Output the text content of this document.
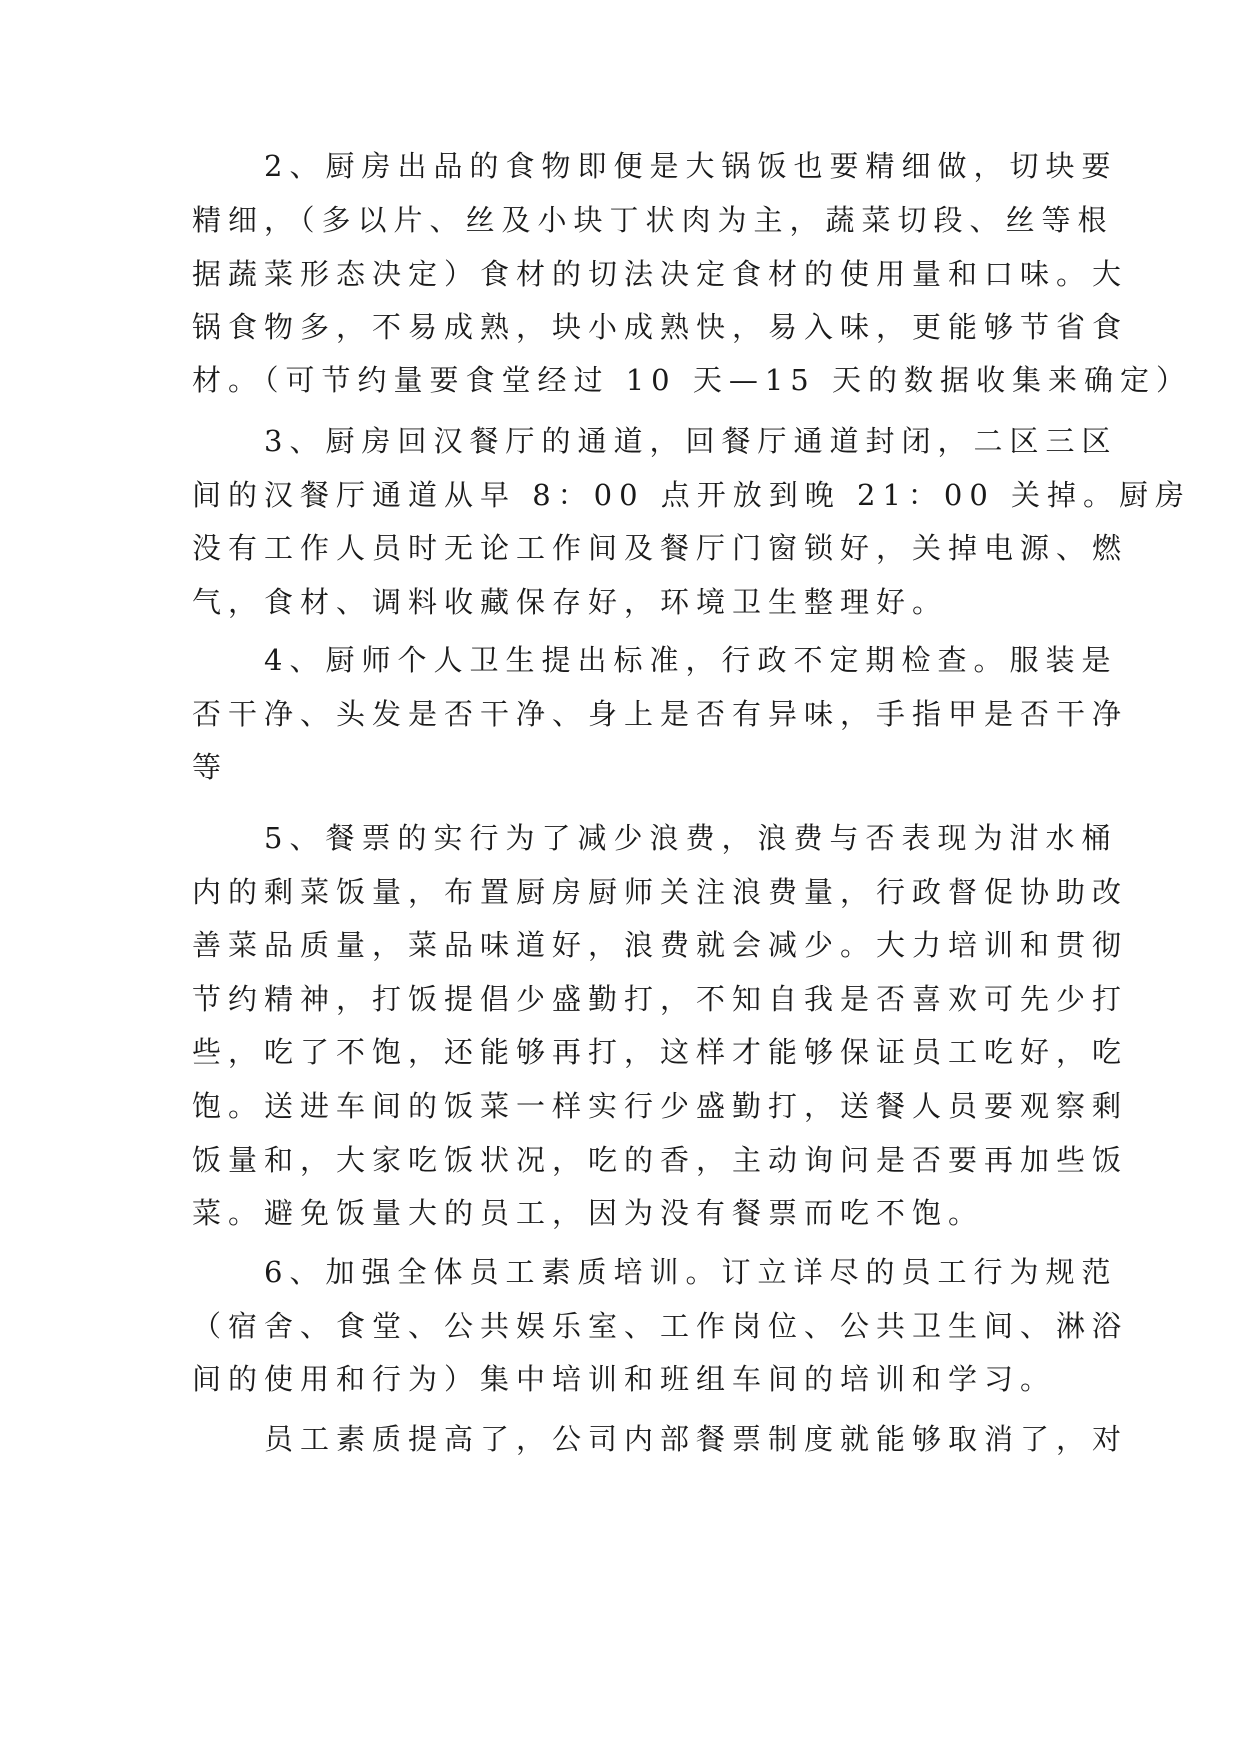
　　2、厨房出品的食物即便是大锅饭也要精细做，切块要
精细，（多以片、丝及小块丁状肉为主，蔬菜切段、丝等根
据蔬菜形态决定）食材的切法决定食材的使用量和口味。大
锅食物多，不易成熟，块小成熟快，易入味，更能够节省食
材。（可节约量要食堂经过 10 天—15 天的数据收集来确定）
　　3、厨房回汉餐厅的通道，回餐厅通道封闭，二区三区
间的汉餐厅通道从早 8：00 点开放到晚 21：00 关掉。厨房
没有工作人员时无论工作间及餐厅门窗锁好，关掉电源、燃
气，食材、调料收藏保存好，环境卫生整理好。
　　4、厨师个人卫生提出标准，行政不定期检查。服装是
否干净、头发是否干净、身上是否有异味，手指甲是否干净
等
　　5、餐票的实行为了减少浪费，浪费与否表现为泔水桶
内的剩菜饭量，布置厨房厨师关注浪费量，行政督促协助改
善菜品质量，菜品味道好，浪费就会减少。大力培训和贯彻
节约精神，打饭提倡少盛勤打，不知自我是否喜欢可先少打
些，吃了不饱，还能够再打，这样才能够保证员工吃好，吃
饱。送进车间的饭菜一样实行少盛勤打，送餐人员要观察剩
饭量和，大家吃饭状况，吃的香，主动询问是否要再加些饭
菜。避免饭量大的员工，因为没有餐票而吃不饱。
　　6、加强全体员工素质培训。订立详尽的员工行为规范
（宿舍、食堂、公共娱乐室、工作岗位、公共卫生间、淋浴
间的使用和行为）集中培训和班组车间的培训和学习。
　　员工素质提高了，公司内部餐票制度就能够取消了，对
